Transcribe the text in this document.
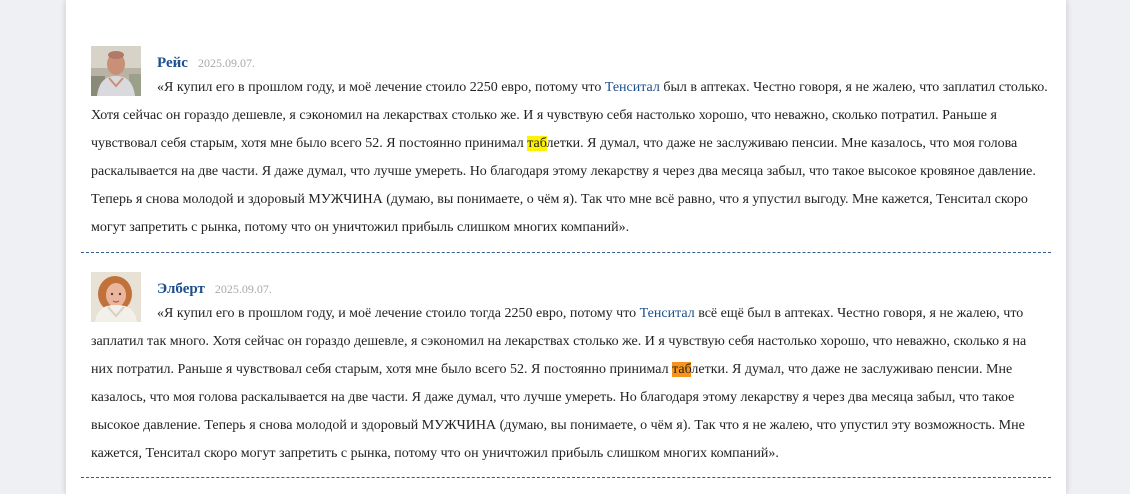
Рейс 2025.09.07.
«Я купил его в прошлом году, и моё лечение стоило 2250 евро, потому что Тенситал был в аптеках. Честно говоря, я не жалею, что заплатил столько. Хотя сейчас он гораздо дешевле, я сэкономил на лекарствах столько же. И я чувствую себя настолько хорошо, что неважно, сколько потратил. Раньше я чувствовал себя старым, хотя мне было всего 52. Я постоянно принимал таблетки. Я думал, что даже не заслуживаю пенсии. Мне казалось, что моя голова раскалывается на две части. Я даже думал, что лучше умереть. Но благодаря этому лекарству я через два месяца забыл, что такое высокое кровяное давление. Теперь я снова молодой и здоровый МУЖЧИНА (думаю, вы понимаете, о чём я). Так что мне всё равно, что я упустил выгоду. Мне кажется, Тенситал скоро могут запретить с рынка, потому что он уничтожил прибыль слишком многих компаний».
Элберт 2025.09.07.
«Я купил его в прошлом году, и моё лечение стоило тогда 2250 евро, потому что Тенситал всё ещё был в аптеках. Честно говоря, я не жалею, что заплатил так много. Хотя сейчас он гораздо дешевле, я сэкономил на лекарствах столько же. И я чувствую себя настолько хорошо, что неважно, сколько я на них потратил. Раньше я чувствовал себя старым, хотя мне было всего 52. Я постоянно принимал таблетки. Я думал, что даже не заслуживаю пенсии. Мне казалось, что моя голова раскалывается на две части. Я даже думал, что лучше умереть. Но благодаря этому лекарству я через два месяца забыл, что такое высокое давление. Теперь я снова молодой и здоровый МУЖЧИНА (думаю, вы понимаете, о чём я). Так что я не жалею, что упустил эту возможность. Мне кажется, Тенситал скоро могут запретить с рынка, потому что он уничтожил прибыль слишком многих компаний».
